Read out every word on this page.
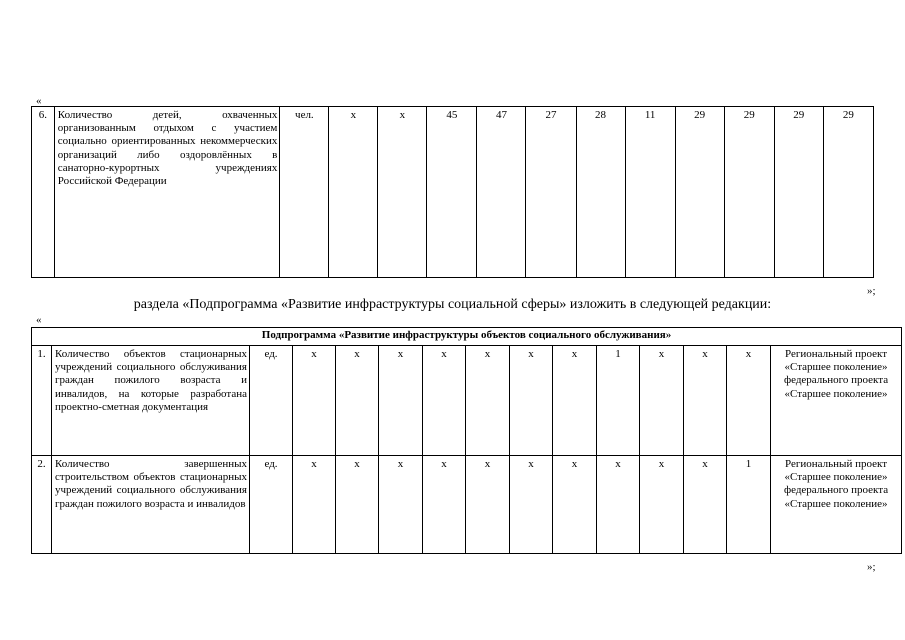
«
6.	Количество детей, охваченных организованным отдыхом с участием социально ориентированных некоммерческих организаций либо оздоровлённых в санаторно-курортных учреждениях Российской Федерации	чел.	х	х	45	47	27	28	11	29	29	29	29	
»;
раздела «Подпрограмма «Развитие инфраструктуры социальной сферы» изложить в следующей редакции:
«
Подпрограмма «Развитие инфраструктуры объектов социального обслуживания»														
1.	Количество объектов стационарных учреждений социального обслуживания граждан пожилого возраста и инвалидов, на которые разработана проектно-сметная документация	ед.	х	х	х	х	х	х	х	1	х	х	х	Региональный проект «Старшее поколение» федерального проекта «Старшее поколение»
2.	Количество завершенных строительством объектов стационарных учреждений социального обслуживания граждан пожилого возраста и инвалидов	ед.	х	х	х	х	х	х	х	х	х	х	1	Региональный проект «Старшее поколение» федерального проекта «Старшее поколение»
»;
